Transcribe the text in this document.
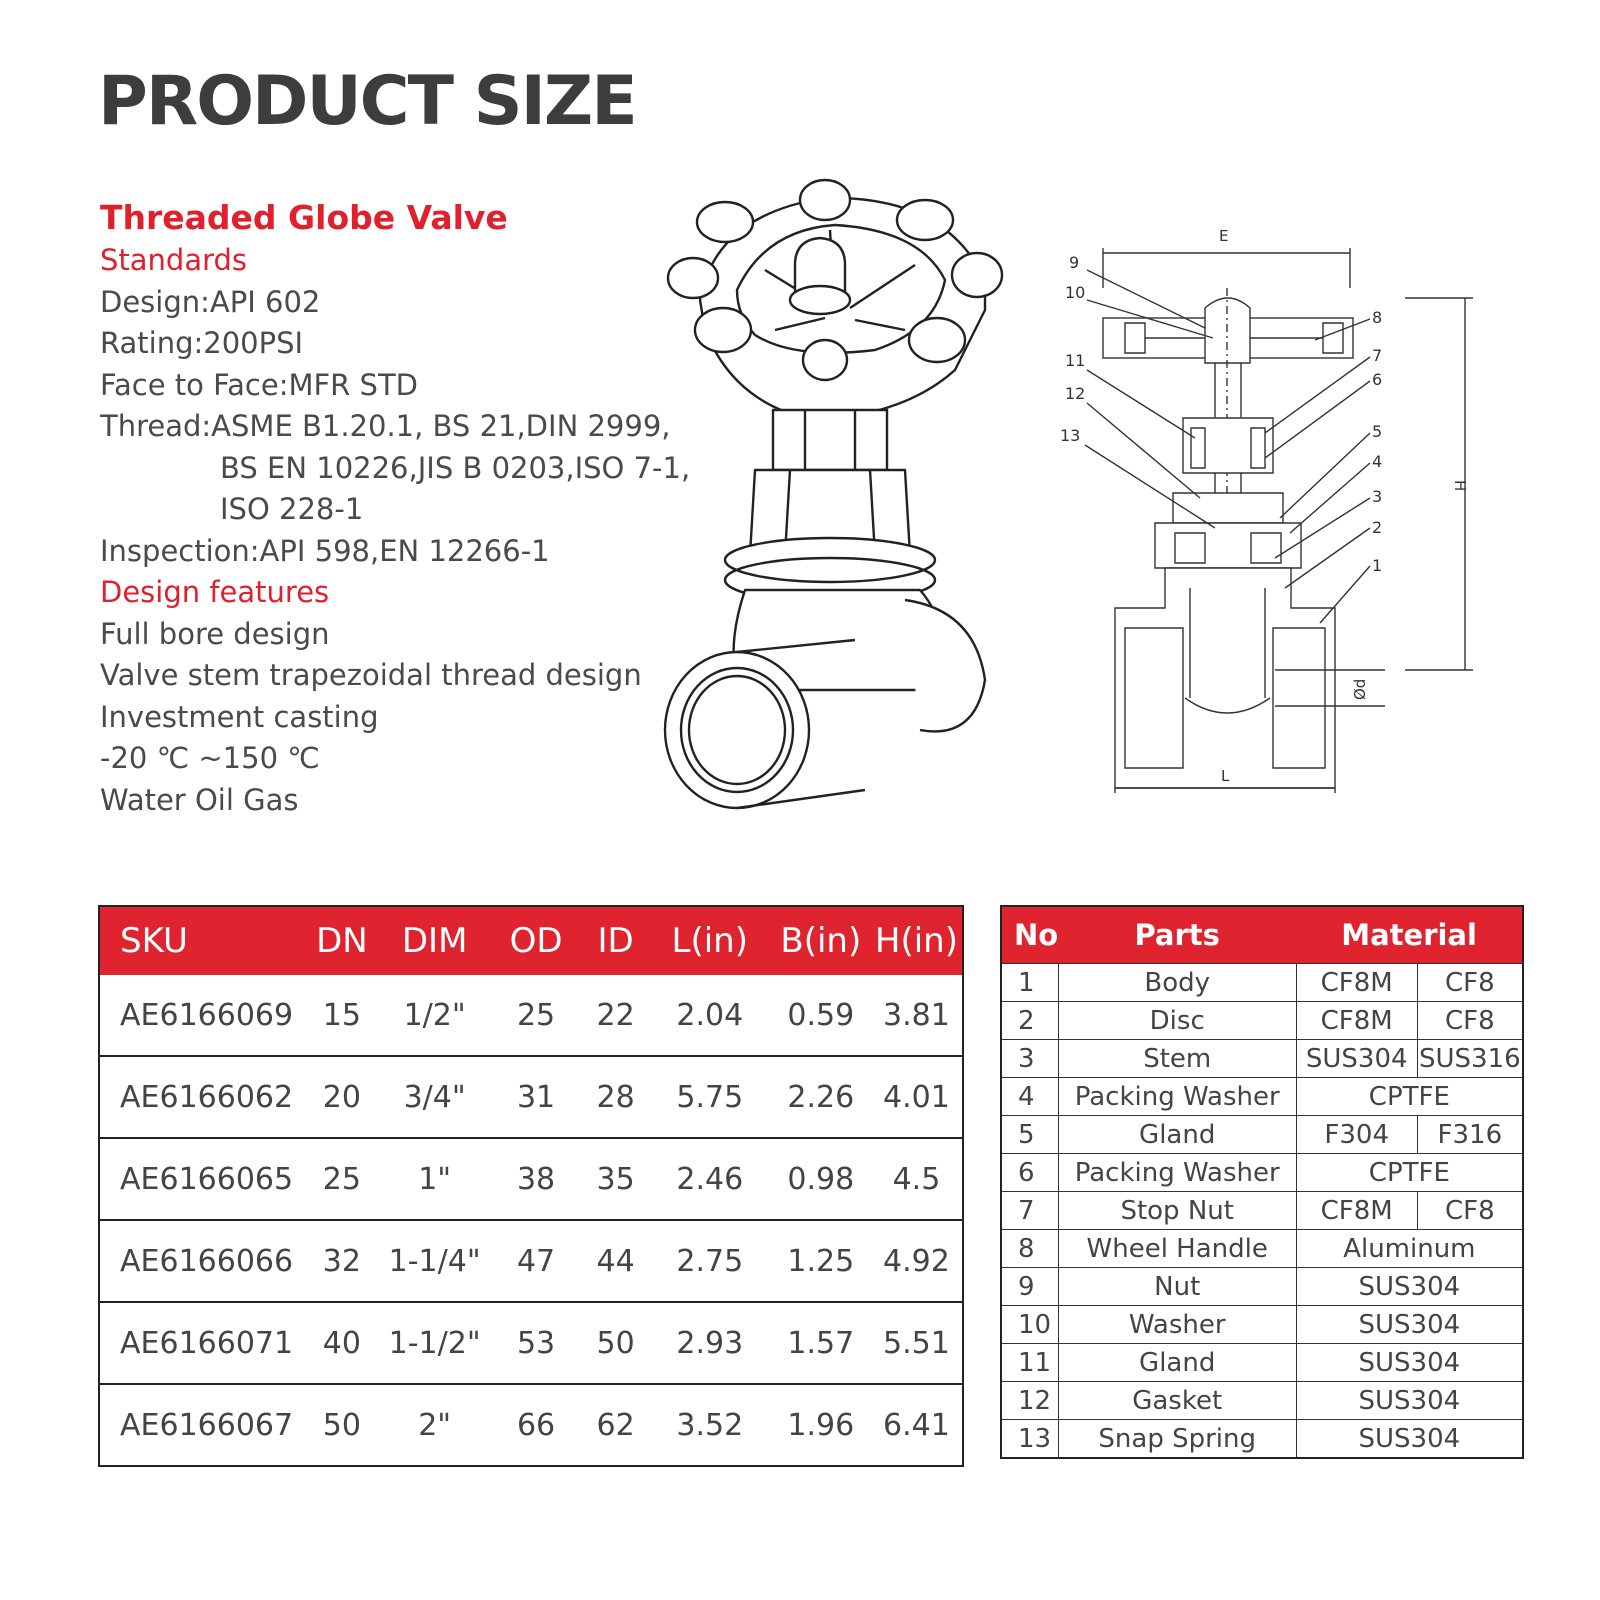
PRODUCT SIZE
Threaded Globe Valve
Standards
Design:API 602
Rating:200PSI
Face to Face:MFR STD
Thread:ASME B1.20.1, BS 21,DIN 2999,
BS EN 10226,JIS B 0203,ISO 7-1,
ISO 228-1
Inspection:API 598,EN 12266-1
Design features
Full bore design
Valve stem trapezoidal thread design
Investment casting
-20 ℃ ~150 ℃
Water Oil Gas
E
H
Ød
L
9
10
11
12
13
8
7
6
5
4
3
2
1
SKU	DN	DIM	OD	ID	L(in)	B(in)	H(in)
AE6166069	15	1/2"	25	22	2.04	0.59	3.81
AE6166062	20	3/4"	31	28	5.75	2.26	4.01
AE6166065	25	1"	38	35	2.46	0.98	4.5
AE6166066	32	1-1/4"	47	44	2.75	1.25	4.92
AE6166071	40	1-1/2"	53	50	2.93	1.57	5.51
AE6166067	50	2"	66	62	3.52	1.96	6.41
No	Parts	Material	
1	Body	CF8M	CF8
2	Disc	CF8M	CF8
3	Stem	SUS304	SUS316
4	Packing Washer	CPTFE	
5	Gland	F304	F316
6	Packing Washer	CPTFE	
7	Stop Nut	CF8M	CF8
8	Wheel Handle	Aluminum	
9	Nut	SUS304	
10	Washer	SUS304	
11	Gland	SUS304	
12	Gasket	SUS304	
13	Snap Spring	SUS304	
